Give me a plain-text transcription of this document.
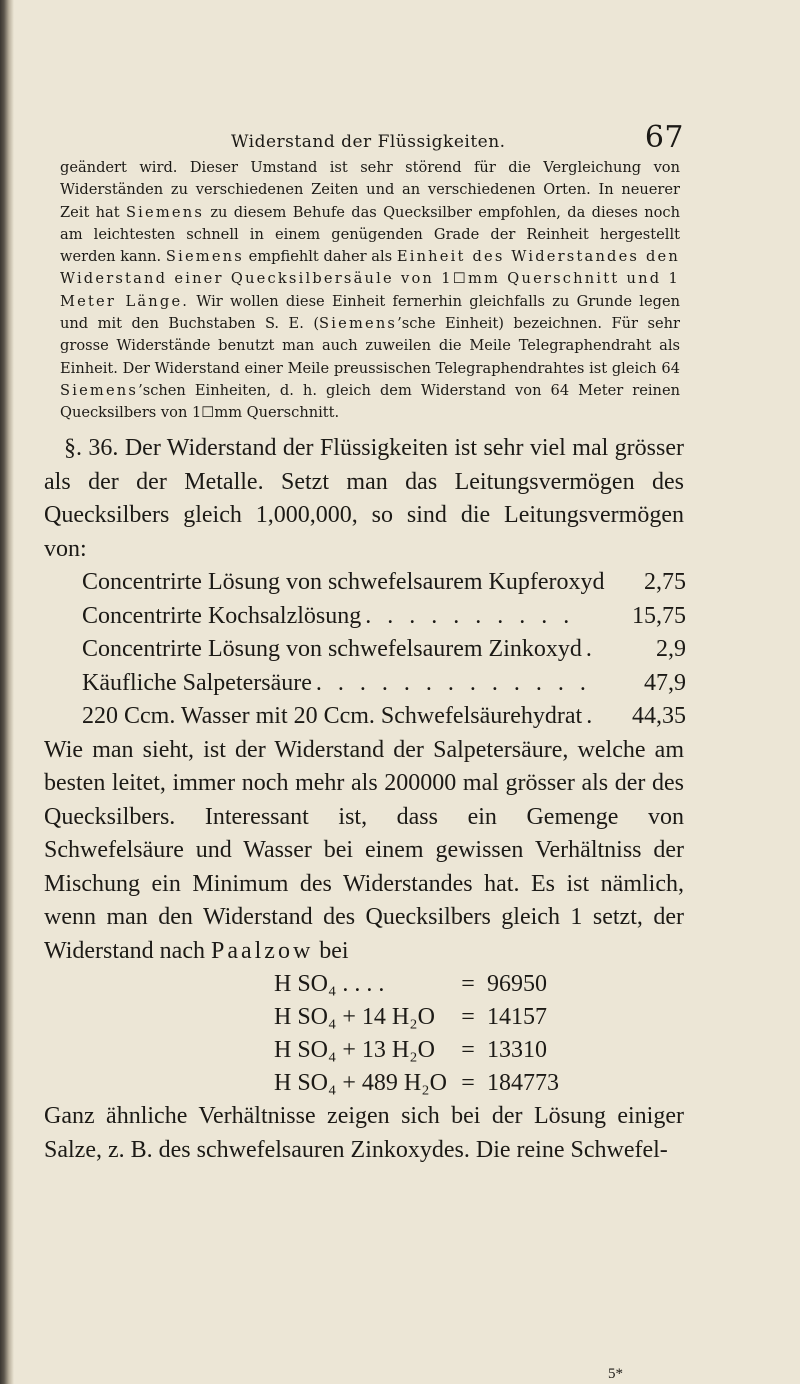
Widerstand der Flüssigkeiten.	67

geändert wird. Dieser Umstand ist sehr störend für die Vergleichung von Widerständen zu verschiedenen Zeiten und an verschiedenen Orten. In neuerer Zeit hat Siemens zu diesem Behufe das Quecksilber empfohlen, da dieses noch am leichtesten schnell in einem genügenden Grade der Reinheit hergestellt werden kann. Siemens empfiehlt daher als Einheit des Widerstandes den Widerstand einer Quecksilbersäule von 1☐mm Querschnitt und 1 Meter Länge. Wir wollen diese Einheit fernerhin gleichfalls zu Grunde legen und mit den Buchstaben S. E. (Siemens’sche Einheit) bezeichnen. Für sehr grosse Widerstände benutzt man auch zuweilen die Meile Telegraphendraht als Einheit. Der Widerstand einer Meile preussischen Telegraphendrahtes ist gleich 64 Siemens’schen Einheiten, d. h. gleich dem Widerstand von 64 Meter reinen Quecksilbers von 1☐mm Querschnitt.

§. 36. Der Widerstand der Flüssigkeiten ist sehr viel mal grösser als der der Metalle. Setzt man das Leitungsvermögen des Quecksilbers gleich 1,000,000, so sind die Leitungsvermögen von:

Concentrirte Lösung von schwefelsaurem Kupferoxyd	2,75
Concentrirte Kochsalzlösung . . . . . . . . . .	15,75
Concentrirte Lösung von schwefelsaurem Zinkoxyd .	2,9
Käufliche Salpetersäure . . . . . . . . . . . . .	47,9
220 Ccm. Wasser mit 20 Ccm. Schwefelsäurehydrat .	44,35

Wie man sieht, ist der Widerstand der Salpetersäure, welche am besten leitet, immer noch mehr als 200000 mal grösser als der des Quecksilbers. Interessant ist, dass ein Gemenge von Schwefelsäure und Wasser bei einem gewissen Verhältniss der Mischung ein Minimum des Widerstandes hat. Es ist nämlich, wenn man den Widerstand des Quecksilbers gleich 1 setzt, der Widerstand nach Paalzow bei

H SO₄ . . . .	= 96950
H SO₄ + 14 H₂O	= 14157
H SO₄ + 13 H₂O	= 13310
H SO₄ + 489 H₂O = 184773

Ganz ähnliche Verhältnisse zeigen sich bei der Lösung einiger Salze, z. B. des schwefelsauren Zinkoxydes. Die reine Schwefel-

5*
